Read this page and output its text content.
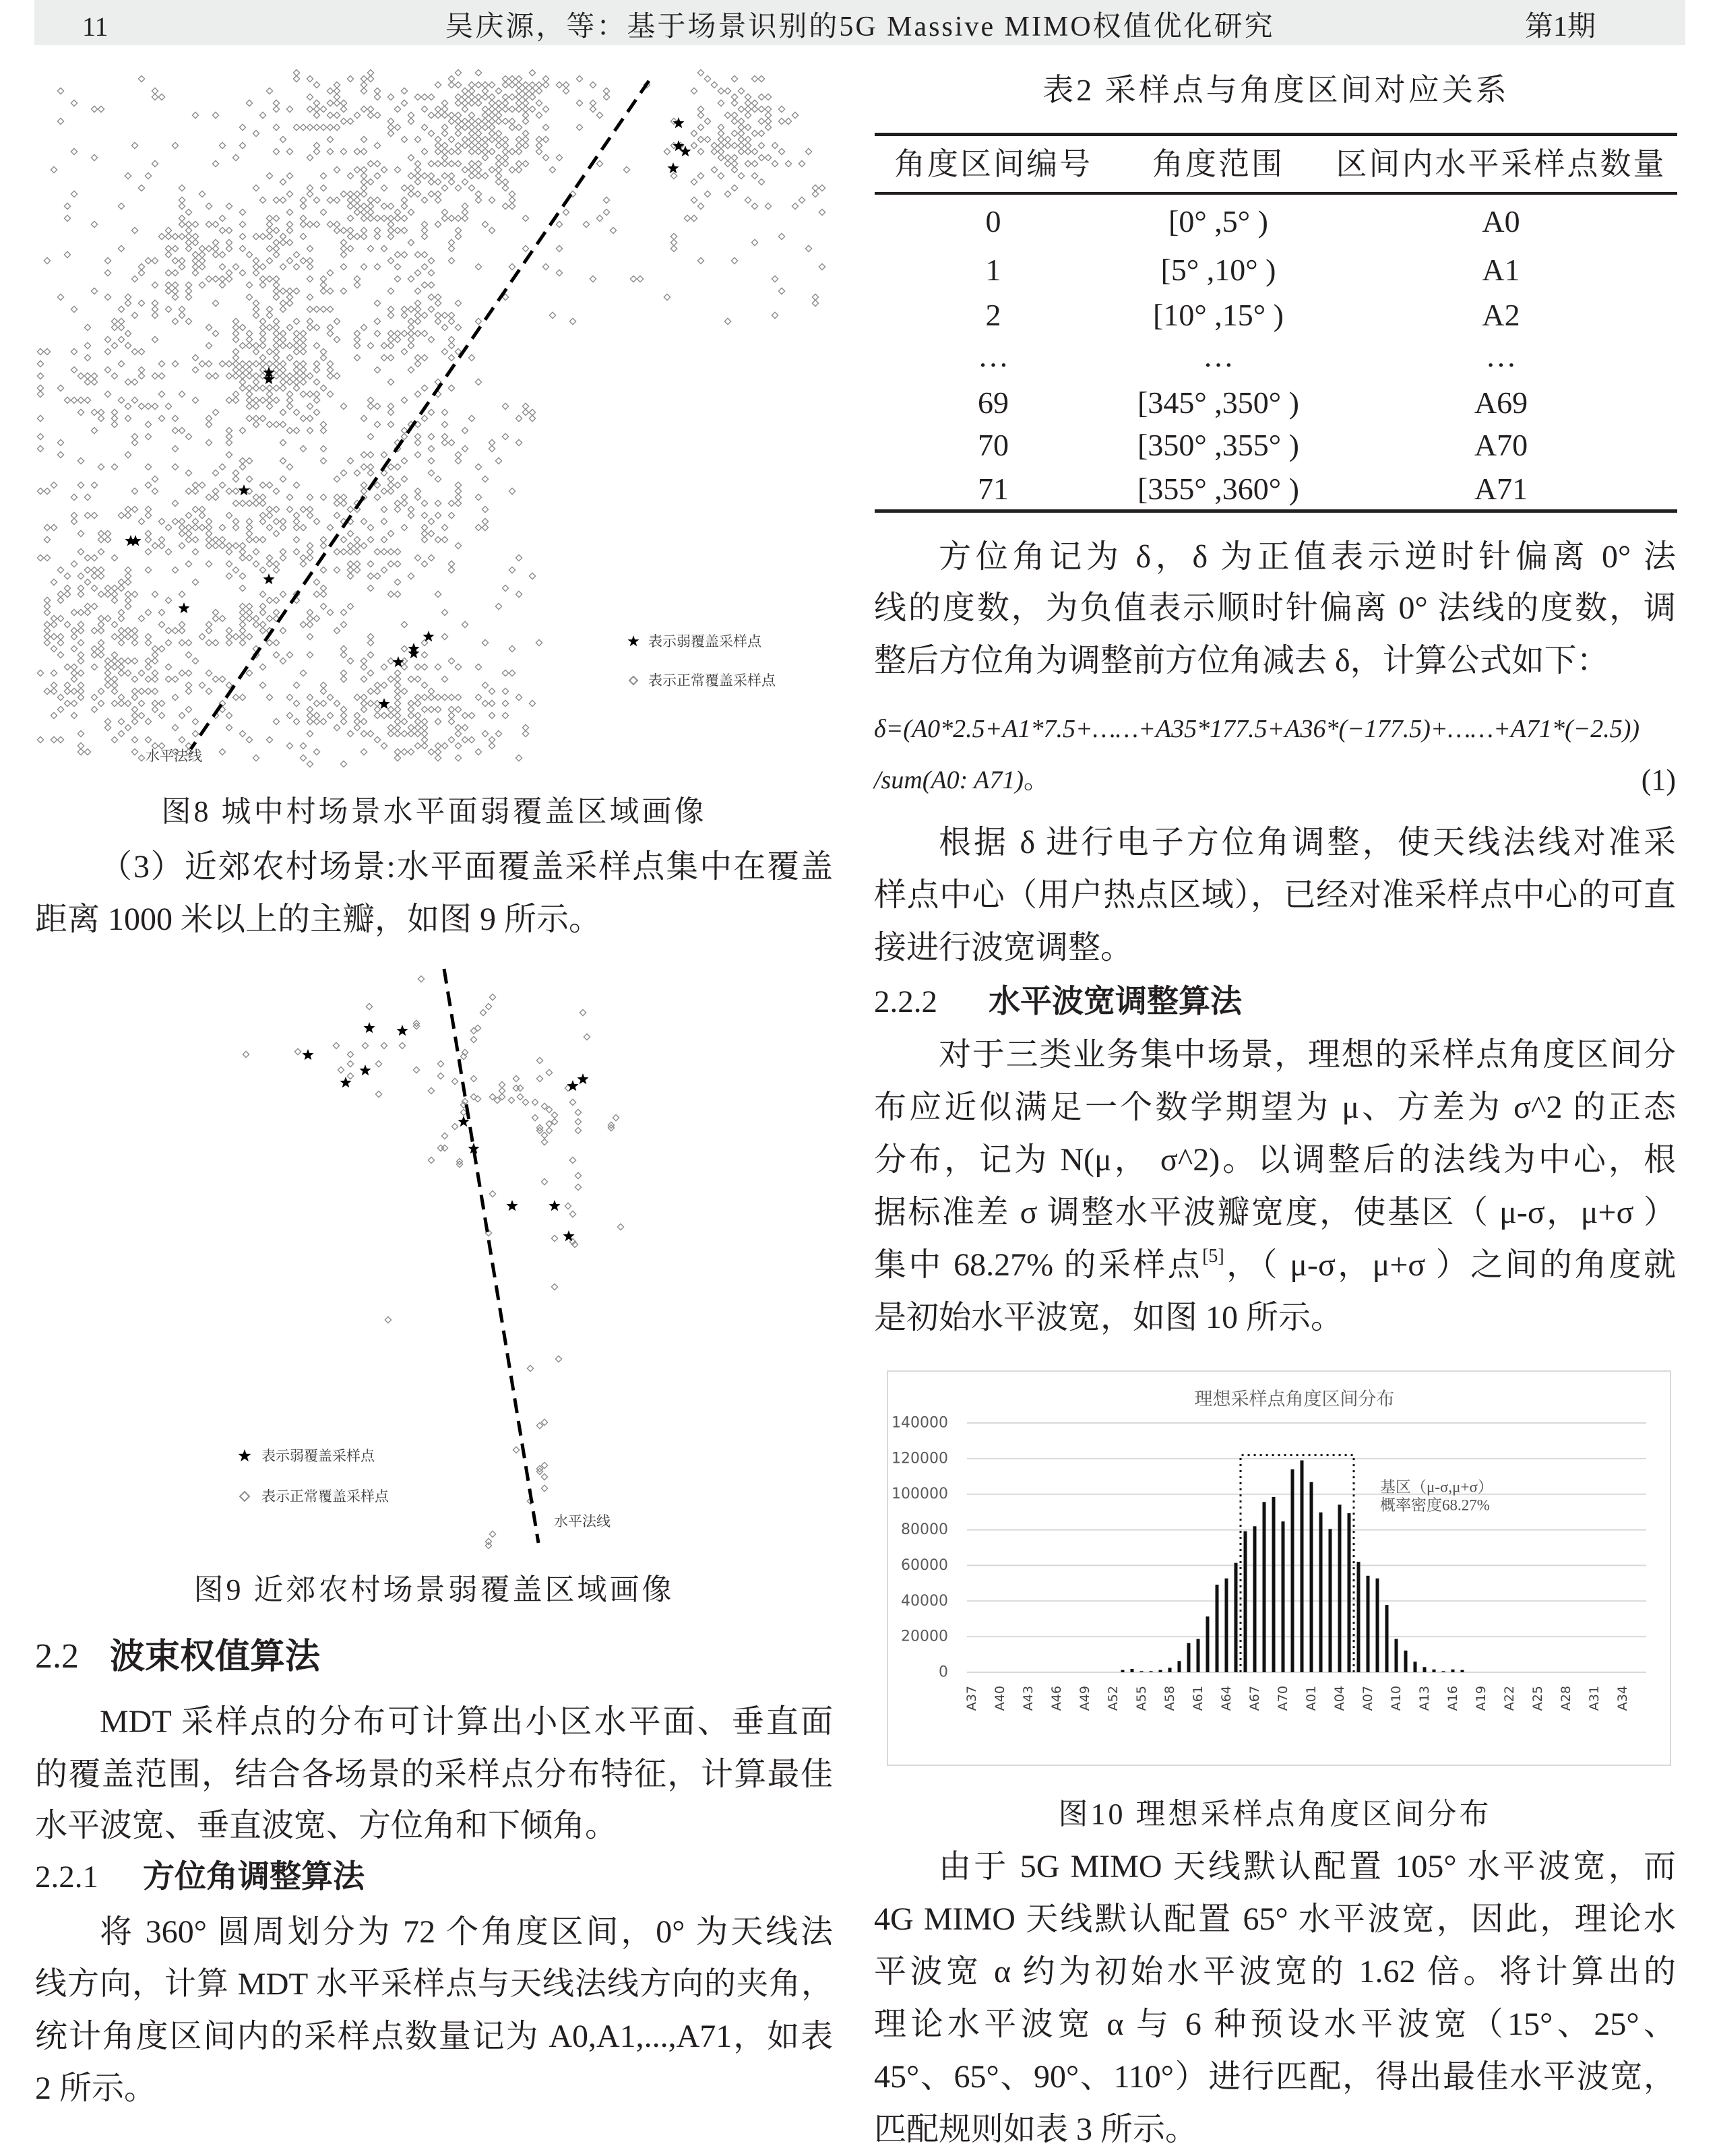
11	吴庆源，等：基于场景识别的5G Massive MIMO权值优化研究	第1期
水平法线
表示弱覆盖采样点
表示正常覆盖采样点
图8 城中村场景水平面弱覆盖区域画像
（3）近郊农村场景:水平面覆盖采样点集中在覆盖
距离 1000 米以上的主瓣，如图 9 所示。
水平法线
表示弱覆盖采样点
表示正常覆盖采样点
图9 近郊农村场景弱覆盖区域画像
2.2 波束权值算法
MDT 采样点的分布可计算出小区水平面、垂直面
的覆盖范围，结合各场景的采样点分布特征，计算最佳
水平波宽、垂直波宽、方位角和下倾角。
2.2.1 方位角调整算法
将 360° 圆周划分为 72 个角度区间，0° 为天线法
线方向，计算 MDT 水平采样点与天线法线方向的夹角，
统计角度区间内的采样点数量记为 A0,A1,...,A71，如表
2 所示。
表2 采样点与角度区间对应关系
角度区间编号	角度范围	区间内水平采样点数量
0	[0° ,5° )	A0
1	[5° ,10° )	A1
2	[10° ,15° )	A2
…	…	…
69	[345° ,350° )	A69
70	[350° ,355° )	A70
71	[355° ,360° )	A71
方位角记为 δ，δ 为正值表示逆时针偏离 0° 法
线的度数，为负值表示顺时针偏离 0° 法线的度数，调
整后方位角为调整前方位角减去 δ，计算公式如下：
δ=(A0*2.5+A1*7.5+……+A35*177.5+A36*(−177.5)+……+A71*(−2.5))
/sum(A0: A71)。	(1)
根据 δ 进行电子方位角调整，使天线法线对准采
样点中心（用户热点区域），已经对准采样点中心的可直
接进行波宽调整。
2.2.2 水平波宽调整算法
对于三类业务集中场景，理想的采样点角度区间分
布应近似满足一个数学期望为 μ、方差为 σ^2 的正态
分布，记为 N(μ， σ^2)。以调整后的法线为中心，根
据标准差 σ 调整水平波瓣宽度，使基区（ μ-σ，μ+σ ）
集中 68.27% 的采样点[5]，（ μ-σ，μ+σ ）之间的角度就
是初始水平波宽，如图 10 所示。
理想采样点角度区间分布
0
20000
40000
60000
80000
100000
120000
140000
A37 A40 A43 A46 A49 A52 A55 A58 A61 A64 A67 A70 A01 A04 A07 A10 A13 A16 A19 A22 A25 A28 A31 A34
基区（μ-σ,μ+σ）
概率密度68.27%
图10 理想采样点角度区间分布
由于 5G MIMO 天线默认配置 105° 水平波宽，而
4G MIMO 天线默认配置 65° 水平波宽，因此，理论水
平波宽 α 约为初始水平波宽的 1.62 倍。将计算出的
理论水平波宽 α 与 6 种预设水平波宽（15°、25°、
45°、65°、90°、110°）进行匹配，得出最佳水平波宽，
匹配规则如表 3 所示。
